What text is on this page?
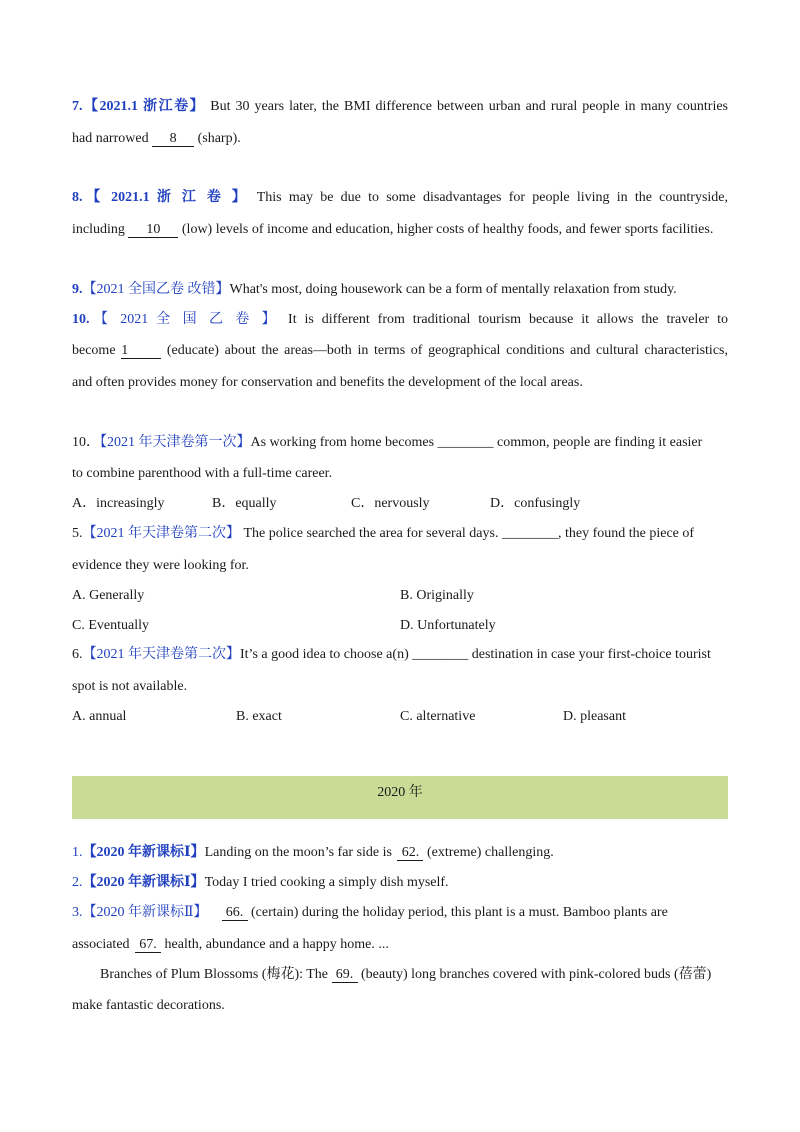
7.【2021.1 浙江卷】 But 30 years later, the BMI difference between urban and rural people in many countries
had narrowed 8 (sharp).
8.【 2021.1 浙 江 卷 】 This may be due to some disadvantages for people living in the countryside,
including 10 (low) levels of income and education, higher costs of healthy foods, and fewer sports facilities.
9.【2021 全国乙卷 改错】What's most, doing housework can be a form of mentally relaxation from study.
10.【 2021 全 国 乙 卷 】 It is different from traditional tourism because it allows the traveler to
become 1 (educate) about the areas—both in terms of geographical conditions and cultural characteristics,
and often provides money for conservation and benefits the development of the local areas.
10．【2021 年天津卷第一次】As working from home becomes ________ common, people are finding it easier
to combine parenthood with a full-time career.
A．increasingly	B．equally	C．nervously	D．confusingly
5.【2021 年天津卷第二次】 The police searched the area for several days. ________, they found the piece of
evidence they were looking for.
A. Generally	B. Originally
C. Eventually	D. Unfortunately
6.【2021 年天津卷第二次】It’s a good idea to choose a(n) ________ destination in case your first-choice tourist
spot is not available.
A. annual	B. exact	C. alternative	D. pleasant
2020 年
1.【2020 年新课标Ⅰ】Landing on the moon’s far side is 62. (extreme) challenging.
2.【2020 年新课标Ⅰ】Today I tried cooking a simply dish myself.
3.【2020 年新课标Ⅱ】 66. (certain) during the holiday period, this plant is a must. Bamboo plants are
associated 67. health, abundance and a happy home. ...
Branches of Plum Blossoms (梅花): The 69. (beauty) long branches covered with pink-colored buds (蓓蕾)
make fantastic decorations.
